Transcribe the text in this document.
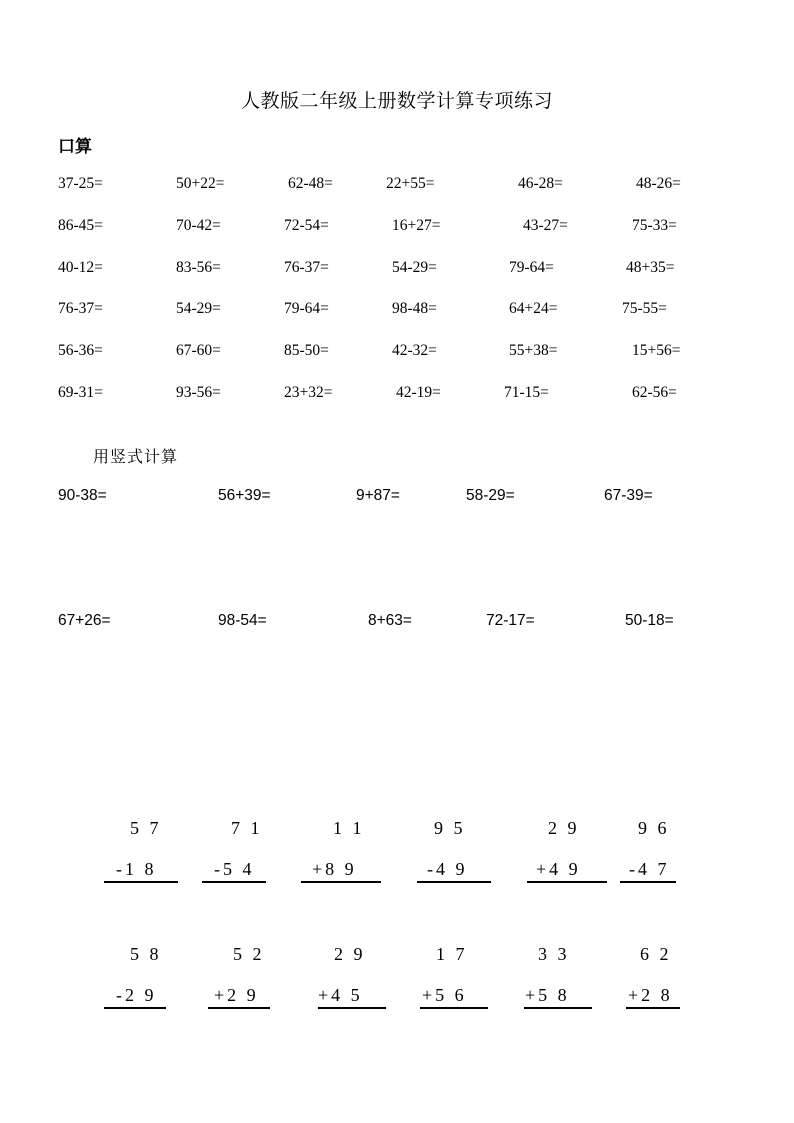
人教版二年级上册数学计算专项练习
口算
37-25=	50+22=	62-48=	22+55=	46-28=	48-26=
86-45=	70-42=	72-54=	16+27=	43-27=	75-33=
40-12=	83-56=	76-37=	54-29=	79-64=	48+35=
76-37=	54-29=	79-64=	98-48=	64+24=	75-55=
56-36=	67-60=	85-50=	42-32=	55+38=	15+56=
69-31=	93-56=	23+32=	42-19=	71-15=	62-56=
用竖式计算
90-38=	56+39=	9+87=	58-29=	67-39=
67+26=	98-54=	8+63=	72-17=	50-18=
5 7
-1 8
7 1
-5 4
1 1
+8 9
9 5
-4 9
2 9
+4 9
9 6
-4 7
5 8
-2 9
5 2
+2 9
2 9
+4 5
1 7
+5 6
3 3
+5 8
6 2
+2 8
